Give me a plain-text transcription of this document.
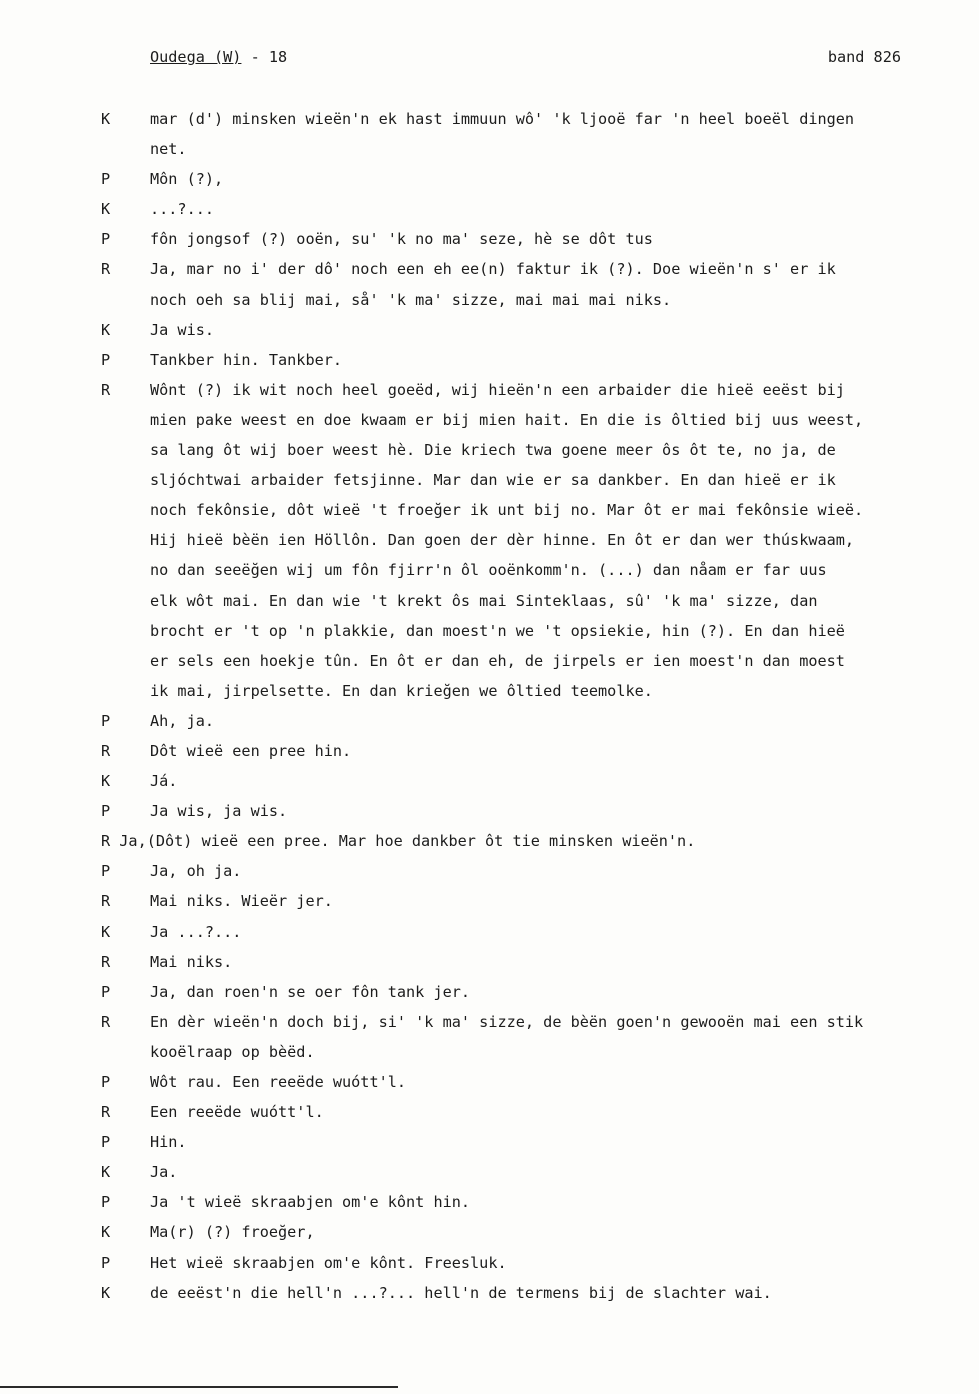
Oudega (W) - 18	band 826
K	mar (d') minsken wieën'n ek hast immuun wô' 'k ljooë far 'n heel boeël dingen
net.
P	Môn (?),
K	...?...
P	fôn jongsof (?) ooën, su' 'k no ma' seze, hè se dôt tus
R	Ja, mar no i' der dô' noch een eh ee(n) faktur ik (?). Doe wieën'n s' er ik
noch oeh sa blij mai, så' 'k ma' sizze, mai mai mai niks.
K	Ja wis.
P	Tankber hin. Tankber.
R	Wônt (?) ik wit noch heel goeëd, wij hieën'n een arbaider die hieë eeëst bij
mien pake weest en doe kwaam er bij mien hait. En die is ôltied bij uus weest,
sa lang ôt wij boer weest hè. Die kriech twa goene meer ôs ôt te, no ja, de
sljóchtwai arbaider fetsjinne. Mar dan wie er sa dankber. En dan hieë er ik
noch fekônsie, dôt wieë 't froeğer ik unt bij no. Mar ôt er mai fekônsie wieë.
Hij hieë bèën ien Höllôn. Dan goen der dèr hinne. En ôt er dan wer thúskwaam,
no dan seeëğen wij um fôn fjirr'n ôl ooënkomm'n. (...) dan nåam er far uus
elk wôt mai. En dan wie 't krekt ôs mai Sinteklaas, sû' 'k ma' sizze, dan
brocht er 't op 'n plakkie, dan moest'n we 't opsiekie, hin (?). En dan hieë
er sels een hoekje tûn. En ôt er dan eh, de jirpels er ien moest'n dan moest
ik mai, jirpelsette. En dan krieğen we ôltied teemolke.
P	Ah, ja.
R	Dôt wieë een pree hin.
K	Já.
P	Ja wis, ja wis.
R Ja,(Dôt) wieë een pree. Mar hoe dankber ôt tie minsken wieën'n.
P	Ja, oh ja.
R	Mai niks. Wieër jer.
K	Ja ...?...
R	Mai niks.
P	Ja, dan roen'n se oer fôn tank jer.
R	En dèr wieën'n doch bij, si' 'k ma' sizze, de bèën goen'n gewooën mai een stik
kooëlraap op bèëd.
P	Wôt rau. Een reeëde wuótt'l.
R	Een reeëde wuótt'l.
P	Hin.
K	Ja.
P	Ja 't wieë skraabjen om'e kônt hin.
K	Ma(r) (?) froeğer,
P	Het wieë skraabjen om'e kônt. Freesluk.
K	de eeëst'n die hell'n ...?... hell'n de termens bij de slachter wai.
